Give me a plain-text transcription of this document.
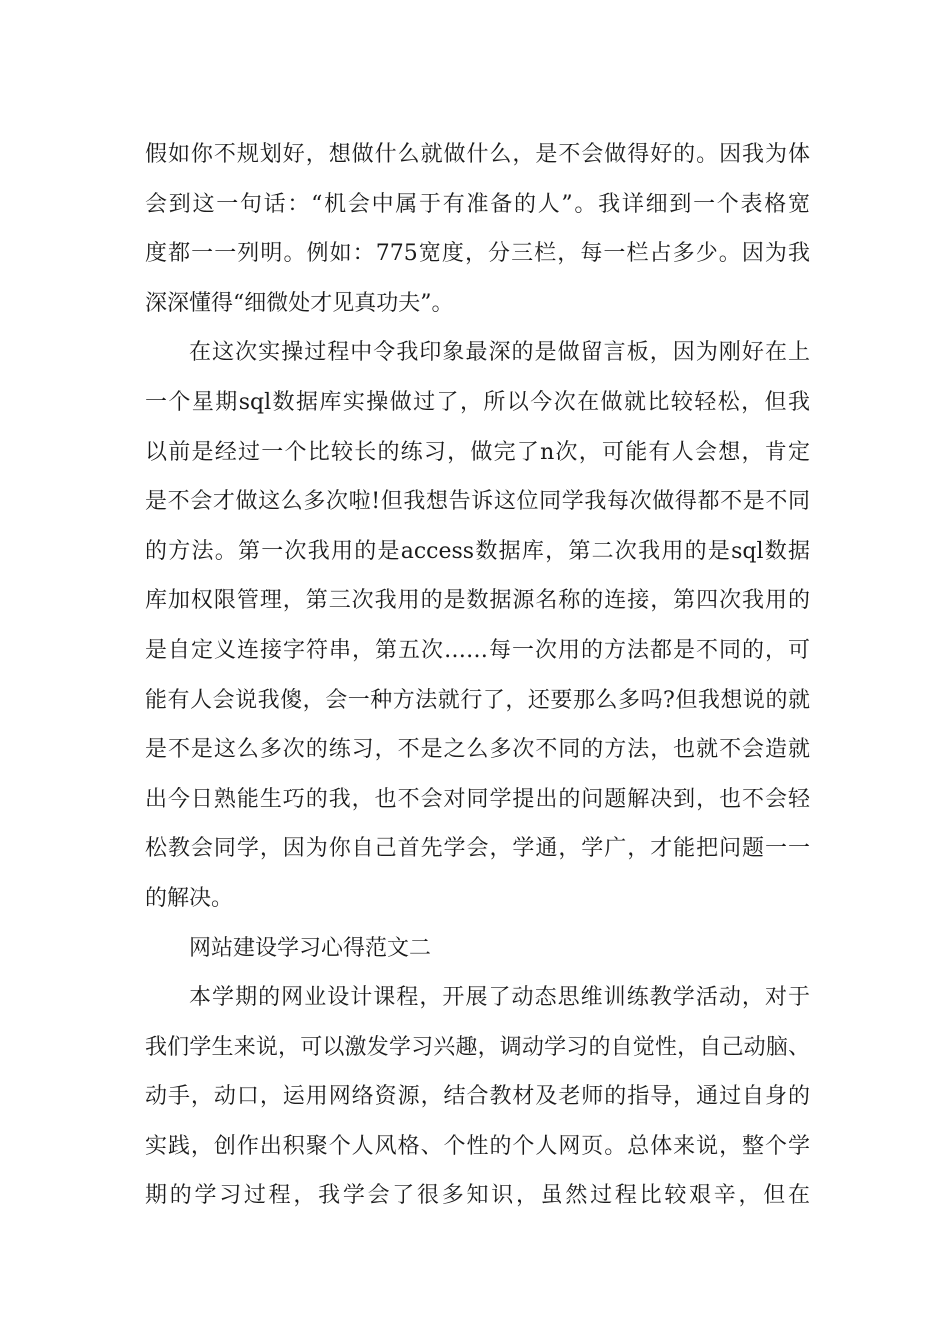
假如你不规划好，想做什么就做什么，是不会做得好的。因我为体
会到这一句话：“机会中属于有准备的人”。我详细到一个表格宽
度都一一列明。例如：775宽度，分三栏，每一栏占多少。因为我
深深懂得“细微处才见真功夫”。
在这次实操过程中令我印象最深的是做留言板，因为刚好在上
一个星期sql数据库实操做过了，所以今次在做就比较轻松，但我
以前是经过一个比较长的练习，做完了n次，可能有人会想，肯定
是不会才做这么多次啦!但我想告诉这位同学我每次做得都不是不同
的方法。第一次我用的是access数据库，第二次我用的是sql数据
库加权限管理，第三次我用的是数据源名称的连接，第四次我用的
是自定义连接字符串，第五次……每一次用的方法都是不同的，可
能有人会说我傻，会一种方法就行了，还要那么多吗?但我想说的就
是不是这么多次的练习，不是之么多次不同的方法，也就不会造就
出今日熟能生巧的我，也不会对同学提出的问题解决到，也不会轻
松教会同学，因为你自己首先学会，学通，学广，才能把问题一一
的解决。
网站建设学习心得范文二
本学期的网业设计课程，开展了动态思维训练教学活动，对于
我们学生来说，可以激发学习兴趣，调动学习的自觉性，自己动脑、
动手，动口，运用网络资源，结合教材及老师的指导，通过自身的
实践，创作出积聚个人风格、个性的个人网页。总体来说，整个学
期的学习过程，我学会了很多知识，虽然过程比较艰辛，但在
